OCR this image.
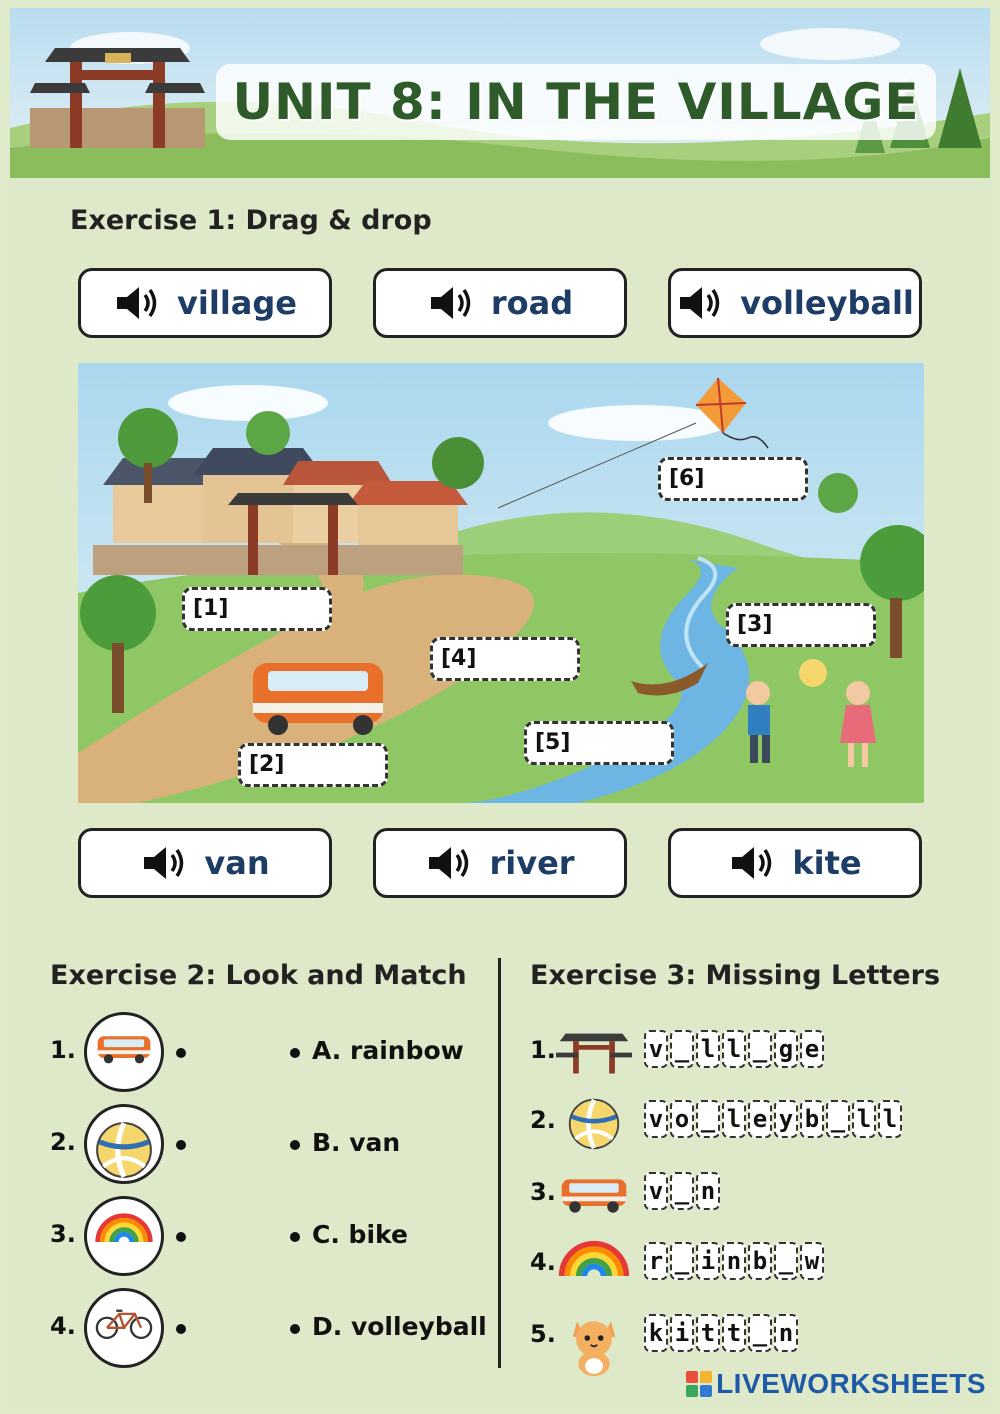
UNIT 8: IN THE VILLAGE
Exercise 1: Drag & drop
village	road	volleyball
van	river	kite
[1]
[2]
[3]
[4]
[5]
[6]
Exercise 2: Look and Match
1.	A. rainbow
2.	B. van
3.	C. bike
4.	D. volleyball
Exercise 3: Missing Letters
1.	v _ l l _ g e
2.	v o _ l e y b _ l l
3.	v _ n
4.	r _ i n b _ w
5.	k i t t _ n
LIVEWORKSHEETS
